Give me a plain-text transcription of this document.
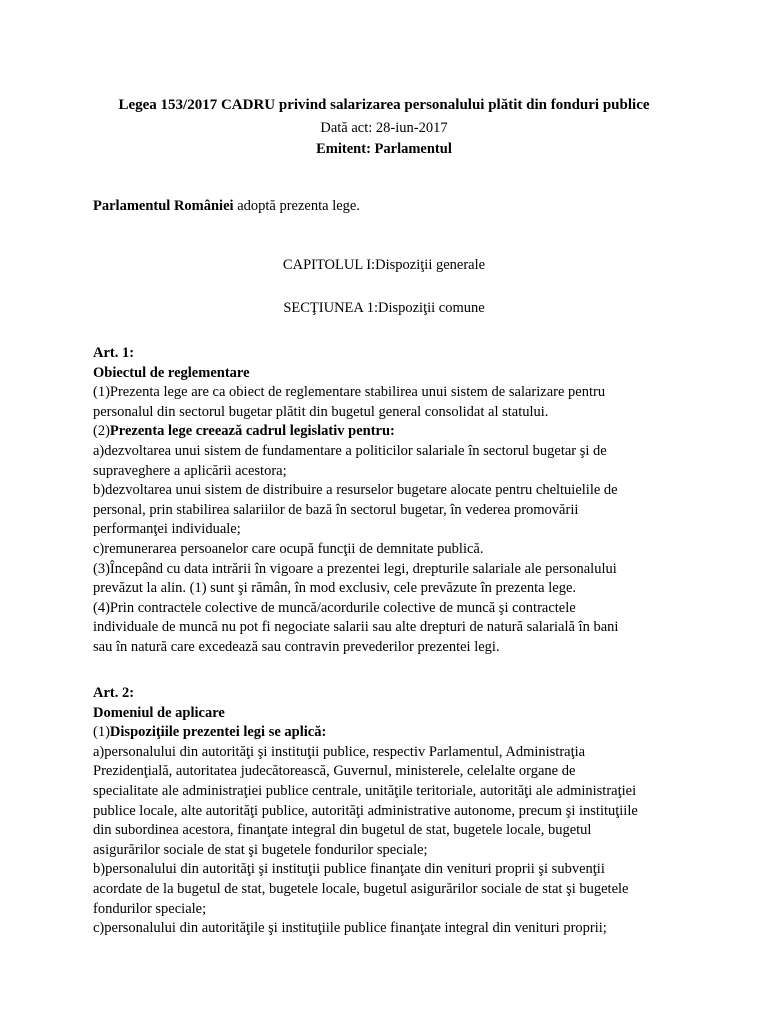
Legea 153/2017 CADRU privind salarizarea personalului plătit din fonduri publice
Dată act: 28-iun-2017
Emitent: Parlamentul
Parlamentul României adoptă prezenta lege.
CAPITOLUL I:Dispoziţii generale
SECŢIUNEA 1:Dispoziţii comune
Art. 1:
Obiectul de reglementare
(1)Prezenta lege are ca obiect de reglementare stabilirea unui sistem de salarizare pentru
personalul din sectorul bugetar plătit din bugetul general consolidat al statului.
(2)Prezenta lege creează cadrul legislativ pentru:
a)dezvoltarea unui sistem de fundamentare a politicilor salariale în sectorul bugetar şi de
supraveghere a aplicării acestora;
b)dezvoltarea unui sistem de distribuire a resurselor bugetare alocate pentru cheltuielile de
personal, prin stabilirea salariilor de bază în sectorul bugetar, în vederea promovării
performanţei individuale;
c)remunerarea persoanelor care ocupă funcţii de demnitate publică.
(3)Începând cu data intrării în vigoare a prezentei legi, drepturile salariale ale personalului
prevăzut la alin. (1) sunt şi rămân, în mod exclusiv, cele prevăzute în prezenta lege.
(4)Prin contractele colective de muncă/acordurile colective de muncă şi contractele
individuale de muncă nu pot fi negociate salarii sau alte drepturi de natură salarială în bani
sau în natură care excedează sau contravin prevederilor prezentei legi.
Art. 2:
Domeniul de aplicare
(1)Dispoziţiile prezentei legi se aplică:
a)personalului din autorităţi şi instituţii publice, respectiv Parlamentul, Administraţia
Prezidenţială, autoritatea judecătorească, Guvernul, ministerele, celelalte organe de
specialitate ale administraţiei publice centrale, unităţile teritoriale, autorităţi ale administraţiei
publice locale, alte autorităţi publice, autorităţi administrative autonome, precum şi instituţiile
din subordinea acestora, finanţate integral din bugetul de stat, bugetele locale, bugetul
asigurărilor sociale de stat şi bugetele fondurilor speciale;
b)personalului din autorităţi şi instituţii publice finanţate din venituri proprii şi subvenţii
acordate de la bugetul de stat, bugetele locale, bugetul asigurărilor sociale de stat şi bugetele
fondurilor speciale;
c)personalului din autorităţile şi instituţiile publice finanţate integral din venituri proprii;
